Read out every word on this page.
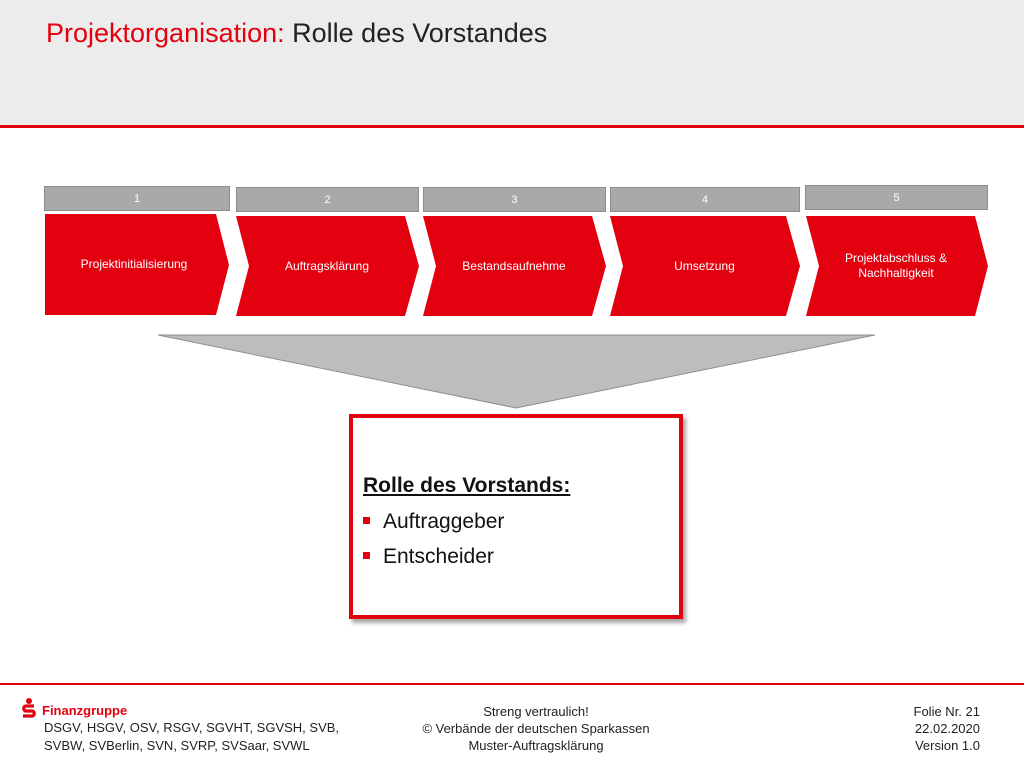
Projektorganisation: Rolle des Vorstandes
1	2	3	4	5
Projektinitialisierung	Auftragsklärung	Bestandsaufnehme	Umsetzung
Projektabschluss & Nachhaltigkeit
Rolle des Vorstands:
Auftraggeber
Entscheider
Finanzgruppe
DSGV, HSGV, OSV, RSGV, SGVHT, SGVSH, SVB,
SVBW, SVBerlin, SVN, SVRP, SVSaar, SVWL
Streng vertraulich!
© Verbände der deutschen Sparkassen
Muster-Auftragsklärung
Folie Nr. 21
22.02.2020
Version 1.0
